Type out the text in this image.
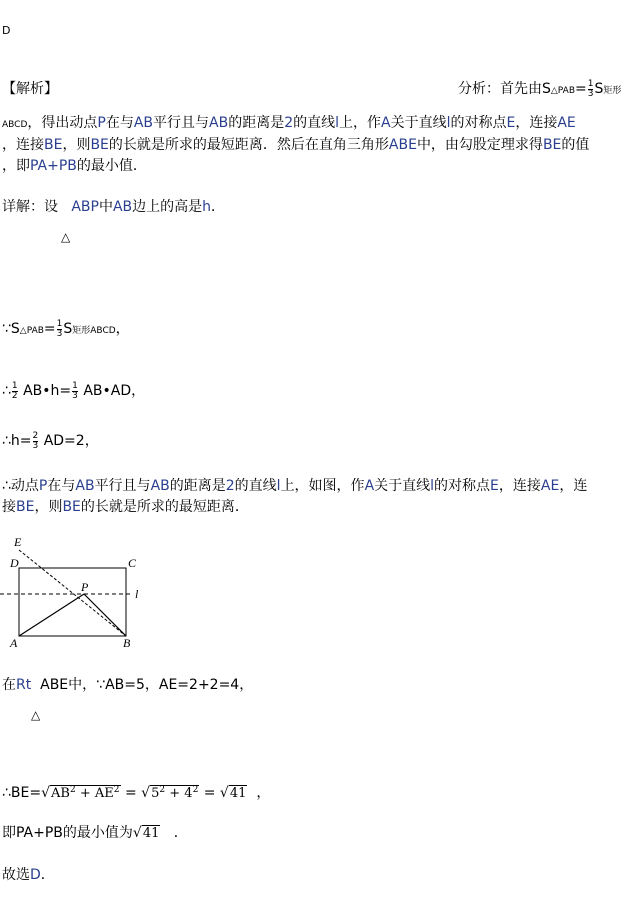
D
【解析】	分析：首先由S△PAB= $\frac{1}{3}$ S矩形
ABCD，得出动点P在与AB平行且与AB的距离是2的直线l上，作A关于直线l的对称点E，连接AE
，连接BE，则BE的长就是所求的最短距离．然后在直角三角形ABE中，由勾股定理求得BE的值
，即PA+PB的最小值．
详解：设 ABP中AB边上的高是h．
△
∵S△PAB= $\frac{1}{3}$ S矩形ABCD，
∴ $\frac{1}{2}$ AB•h= $\frac{1}{3}$ AB•AD，
∴h= $\frac{2}{3} AD=2$，
∴动点P在与AB平行且与AB的距离是2的直线l上，如图，作A关于直线l的对称点E，连接AE，连
接BE，则BE的长就是所求的最短距离．
E
D	C
P	l
A	B
在Rt ABE中，∵AB=5，AE=2+2=4，
△
$\therefore BE=√AB^2 + AE^2 = √5^2 + 4^2 = √41$ ，
即PA+PB的最小值为√41 ．
故选D．
